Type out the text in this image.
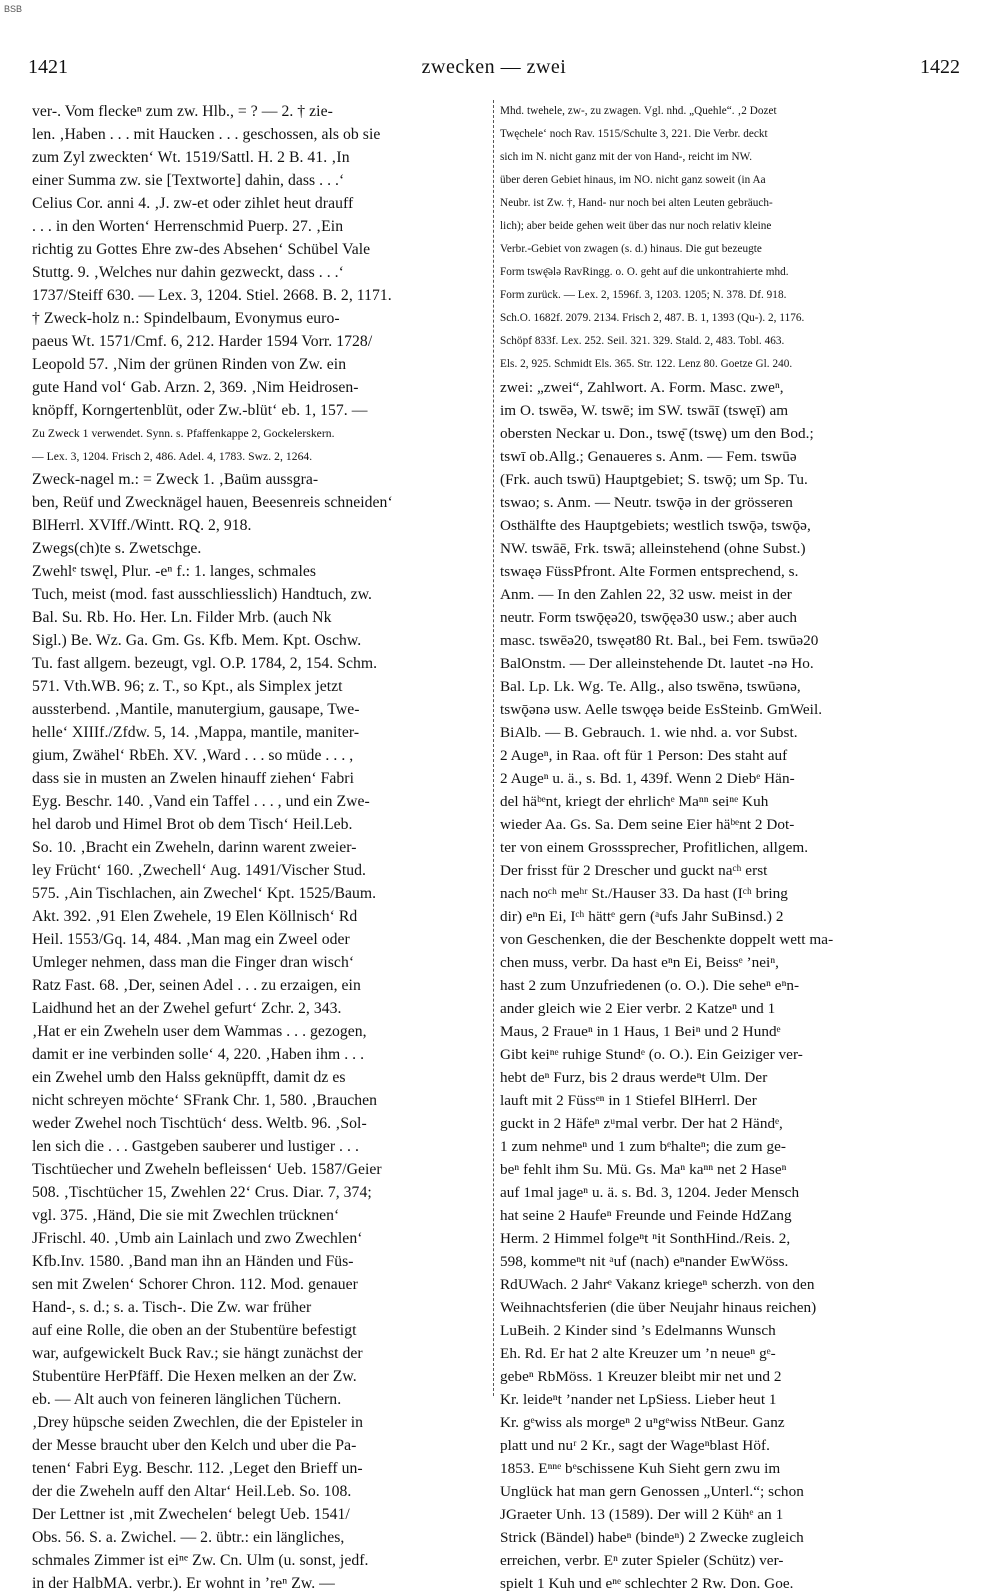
BSB
1421	zwecken — zwei	1422
ver-. Vom fleckeⁿ zum zw. Hlb., = ? — 2. † zie-
len. ‚Haben . . . mit Haucken . . . geschossen, als ob sie
zum Zyl zweckten‘ Wt. 1519/Sattl. H. 2 B. 41. ‚In
einer Summa zw. sie [Textworte] dahin, dass . . .‘
Celius Cor. anni 4. ‚J. zw-et oder zihlet heut drauff
. . . in den Worten‘ Herrenschmid Puerp. 27. ‚Ein
richtig zu Gottes Ehre zw-des Absehen‘ Schübel Vale
Stuttg. 9. ‚Welches nur dahin gezweckt, dass . . .‘
1737/Steiff 630. — Lex. 3, 1204. Stiel. 2668. B. 2, 1171.
† Zweck-holz n.: Spindelbaum, Evonymus euro-
paeus Wt. 1571/Cmf. 6, 212. Harder 1594 Vorr. 1728/
Leopold 57. ‚Nim der grünen Rinden von Zw. ein
gute Hand vol‘ Gab. Arzn. 2, 369. ‚Nim Heidrosen-
knöpff, Korngertenblüt, oder Zw.-blüt‘ eb. 1, 157. —
Zu Zweck 1 verwendet. Synn. s. Pfaffenkappe 2, Gockelerskern.
— Lex. 3, 1204. Frisch 2, 486. Adel. 4, 1783. Swz. 2, 1264.
Zweck-nagel m.: = Zweck 1. ‚Baüm aussgra-
ben, Reüf und Zwecknägel hauen, Beesenreis schneiden‘
BlHerrl. XVIff./Wintt. RQ. 2, 918.
Zwegs(ch)te s. Zwetschge.
Zwehlᵉ tswęl, Plur. -eⁿ f.: 1. langes, schmales
Tuch, meist (mod. fast ausschliesslich) Handtuch, zw.
Bal. Su. Rb. Ho. Her. Ln. Filder Mrb. (auch Nk
Sigl.) Be. Wz. Ga. Gm. Gs. Kfb. Mem. Kpt. Oschw.
Tu. fast allgem. bezeugt, vgl. O.P. 1784, 2, 154. Schm.
571. Vth.WB. 96; z. T., so Kpt., als Simplex jetzt
aussterbend. ‚Mantile, manutergium, gausape, Twe-
helle‘ XIIIf./Zfdw. 5, 14. ‚Mappa, mantile, maniter-
gium, Zwähel‘ RbEh. XV. ‚Ward . . . so müde . . . ,
dass sie in musten an Zwelen hinauff ziehen‘ Fabri
Eyg. Beschr. 140. ‚Vand ein Taffel . . . , und ein Zwe-
hel darob und Himel Brot ob dem Tisch‘ Heil.Leb.
So. 10. ‚Bracht ein Zweheln, darinn warent zweier-
ley Frücht‘ 160. ‚Zwechell‘ Aug. 1491/Vischer Stud.
575. ‚Ain Tischlachen, ain Zwechel‘ Kpt. 1525/Baum.
Akt. 392. ‚91 Elen Zwehele, 19 Elen Köllnisch‘ Rd
Heil. 1553/Gq. 14, 484. ‚Man mag ein Zweel oder
Umleger nehmen, dass man die Finger dran wisch‘
Ratz Fast. 68. ‚Der, seinen Adel . . . zu erzaigen, ein
Laidhund het an der Zwehel gefurt‘ Zchr. 2, 343.
‚Hat er ein Zweheln user dem Wammas . . . gezogen,
damit er ine verbinden solle‘ 4, 220. ‚Haben ihm . . .
ein Zwehel umb den Halss geknüpfft, damit dz es
nicht schreyen möchte‘ SFrank Chr. 1, 580. ‚Brauchen
weder Zwehel noch Tischtüch‘ dess. Weltb. 96. ‚Sol-
len sich die . . . Gastgeben sauberer und lustiger . . .
Tischtüecher und Zweheln befleissen‘ Ueb. 1587/Geier
508. ‚Tischtücher 15, Zwehlen 22‘ Crus. Diar. 7, 374;
vgl. 375. ‚Händ, Die sie mit Zwechlen trücknen‘
JFrischl. 40. ‚Umb ain Lainlach und zwo Zwechlen‘
Kfb.Inv. 1580. ‚Band man ihn an Händen und Füs-
sen mit Zwelen‘ Schorer Chron. 112. Mod. genauer
Hand-, s. d.; s. a. Tisch-. Die Zw. war früher
auf eine Rolle, die oben an der Stubentüre befestigt
war, aufgewickelt Buck Rav.; sie hängt zunächst der
Stubentüre HerPfäff. Die Hexen melken an der Zw.
eb. — Alt auch von feineren länglichen Tüchern.
‚Drey hüpsche seiden Zwechlen, die der Episteler in
der Messe braucht uber den Kelch und uber die Pa-
tenen‘ Fabri Eyg. Beschr. 112. ‚Leget den Brieff un-
der die Zweheln auff den Altar‘ Heil.Leb. So. 108.
Der Lettner ist ‚mit Zwechelen‘ belegt Ueb. 1541/
Obs. 56. S. a. Zwichel. — 2. übtr.: ein längliches,
schmales Zimmer ist eiⁿᵉ Zw. Cn. Ulm (u. sonst, jedf.
in der HalbMA. verbr.). Er wohnt in ’reⁿ Zw. —
Mhd. twehele, zw-, zu zwagen. Vgl. nhd. „Quehle“. ‚2 Dozet
Twęchele‘ noch Rav. 1515/Schulte 3, 221. Die Verbr. deckt
sich im N. nicht ganz mit der von Hand-, reicht im NW.
über deren Gebiet hinaus, im NO. nicht ganz soweit (in Aa
Neubr. ist Zw. †, Hand- nur noch bei alten Leuten gebräuch-
lich); aber beide gehen weit über das nur noch relativ kleine
Verbr.-Gebiet von zwagen (s. d.) hinaus. Die gut bezeugte
Form tswę̄ələ RavRingg. o. O. geht auf die unkontrahierte mhd.
Form zurück. — Lex. 2, 1596f. 3, 1203. 1205; N. 378. Df. 918.
Sch.O. 1682f. 2079. 2134. Frisch 2, 487. B. 1, 1393 (Qu-). 2, 1176.
Schöpf 833f. Lex. 252. Seil. 321. 329. Stald. 2, 483. Tobl. 463.
Els. 2, 925. Schmidt Els. 365. Str. 122. Lenz 80. Goetze Gl. 240.
zwei: „zwei“, Zahlwort. A. Form. Masc. zweⁿ,
im O. tswēə, W. tswē; im SW. tswāī (tswęī) am
obersten Neckar u. Don., tswę̄ (tswę) um den Bod.;
tswī ob.Allg.; Genaueres s. Anm. — Fem. tswūə
(Frk. auch tswū) Hauptgebiet; S. tswǭ; um Sp. Tu.
tswao; s. Anm. — Neutr. tswǭə in der grösseren
Osthälfte des Hauptgebiets; westlich tswǭə, tswǭə,
NW. tswāē, Frk. tswā; alleinstehend (ohne Subst.)
tswaęə FüssPfront. Alte Formen entsprechend, s.
Anm. — In den Zahlen 22, 32 usw. meist in der
neutr. Form tswǭęə20, tswǭęə30 usw.; aber auch
masc. tswēə20, tswęət80 Rt. Bal., bei Fem. tswūə20
BalOnstm. — Der alleinstehende Dt. lautet -nə Ho.
Bal. Lp. Lk. Wg. Te. Allg., also tswēnə, tswūənə,
tswǭənə usw. Aelle tswǫęə beide EsSteinb. GmWeil.
BiAlb. — B. Gebrauch. 1. wie nhd. a. vor Subst.
2 Augeⁿ, in Raa. oft für 1 Person: Des staht auf
2 Augeⁿ u. ä., s. Bd. 1, 439f. Wenn 2 Diebᵉ Hän-
del häᵇᵉnt, kriegt der ehrlichᵉ Maⁿⁿ seiⁿᵉ Kuh
wieder Aa. Gs. Sa. Dem seine Eier häᵇᵉnt 2 Dot-
ter von einem Grosssprecher, Profitlichen, allgem.
Der frisst für 2 Drescher und guckt naᶜʰ erst
nach noᶜʰ meʰʳ St./Hauser 33. Da hast (Iᶜʰ bring
dir) eⁿn Ei, Iᶜʰ hättᵉ gern (ᵃufs Jahr SuBinsd.) 2
von Geschenken, die der Beschenkte doppelt wett ma-
chen muss, verbr. Da hast eⁿn Ei, Beissᵉ ’neiⁿ,
hast 2 zum Unzufriedenen (o. O.). Die seheⁿ eⁿn-
ander gleich wie 2 Eier verbr. 2 Katzeⁿ und 1
Maus, 2 Fraueⁿ in 1 Haus, 1 Beiⁿ und 2 Hundᵉ
Gibt keiⁿᵉ ruhige Stundᵉ (o. O.). Ein Geiziger ver-
hebt deⁿ Furz, bis 2 draus werdeⁿt Ulm. Der
lauft mit 2 Füssᵉⁿ in 1 Stiefel BlHerrl. Der
guckt in 2 Häfeⁿ zᵘmal verbr. Der hat 2 Händᵉ,
1 zum nehmeⁿ und 1 zum bᵉhalteⁿ; die zum ge-
beⁿ fehlt ihm Su. Mü. Gs. Maⁿ kaⁿⁿ net 2 Haseⁿ
auf 1mal jageⁿ u. ä. s. Bd. 3, 1204. Jeder Mensch
hat seine 2 Haufeⁿ Freunde und Feinde HdZang
Herm. 2 Himmel folgeⁿt ⁿit SonthHind./Reis. 2,
598, kommeⁿt nit ᵃuf (nach) eⁿnander EwWöss.
RdUWach. 2 Jahrᵉ Vakanz kriegeⁿ scherzh. von den
Weihnachtsferien (die über Neujahr hinaus reichen)
LuBeih. 2 Kinder sind ’s Edelmanns Wunsch
Eh. Rd. Er hat 2 alte Kreuzer um ’n neueⁿ gᵉ-
gebeⁿ RbMöss. 1 Kreuzer bleibt mir net und 2
Kr. leideⁿt ’nander net LpSiess. Lieber heut 1
Kr. gᵉwiss als morgeⁿ 2 uⁿgᵉwiss NtBeur. Ganz
platt und nuʳ 2 Kr., sagt der Wageⁿblast Höf.
1853. Eⁿⁿᵉ bᵉschissene Kuh Sieht gern zwu im
Unglück hat man gern Genossen „Unterl.“; schon
JGraeter Unh. 13 (1589). Der will 2 Kühᵉ an 1
Strick (Bändel) habeⁿ (bindeⁿ) 2 Zwecke zugleich
erreichen, verbr. Eⁿ zuter Spieler (Schütz) ver-
spielt 1 Kuh und eⁿᵉ schlechter 2 Rw. Don. Goe.
